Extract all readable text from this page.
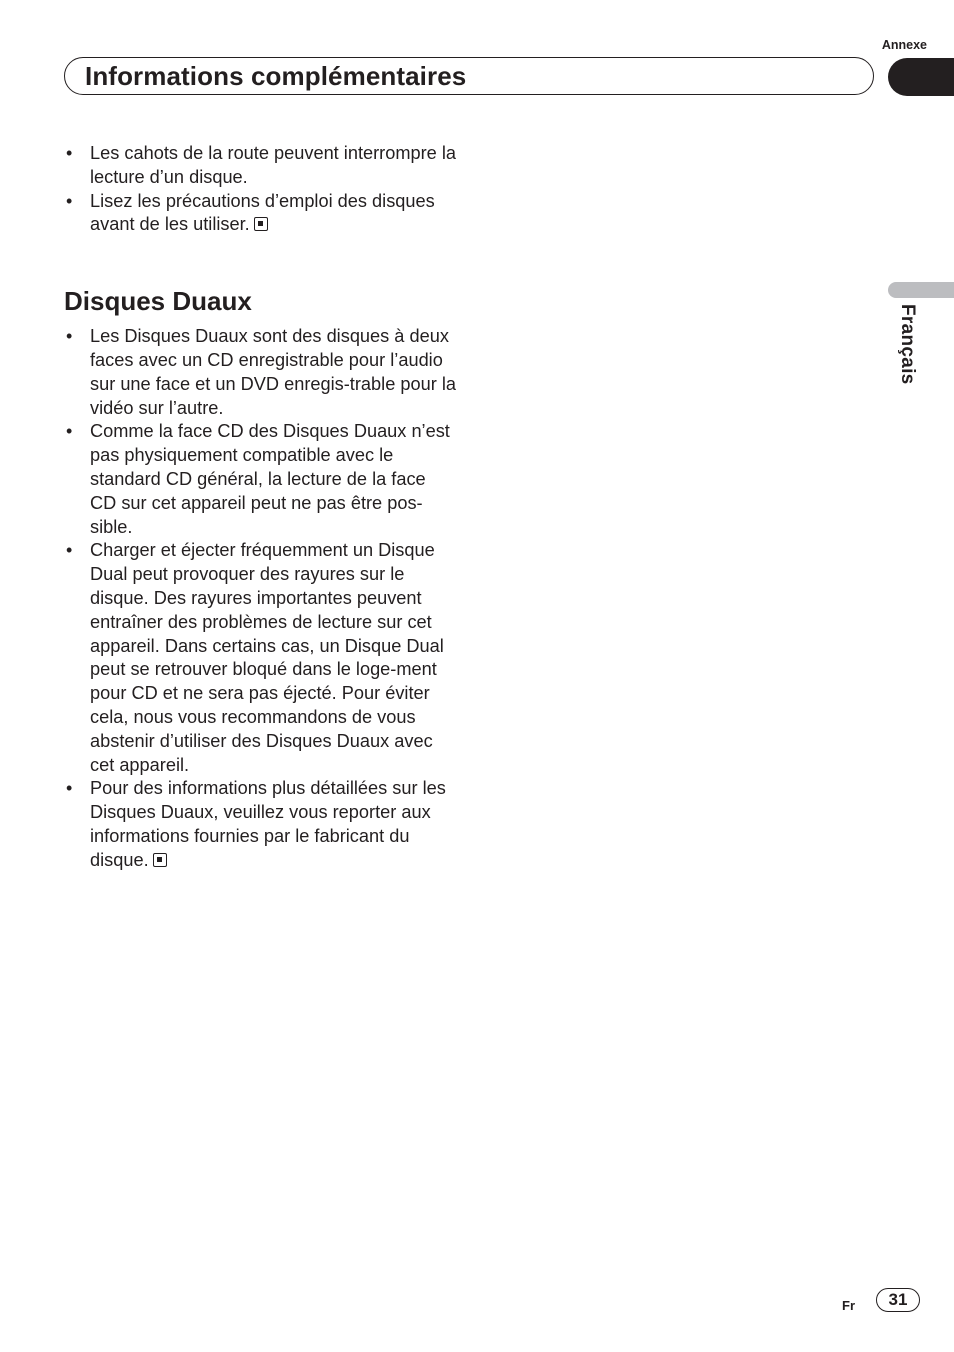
Annexe
Informations complémentaires
Français
• Les cahots de la route peuvent interrompre la lecture d’un disque.
• Lisez les précautions d’emploi des disques avant de les utiliser.
Disques Duaux
• Les Disques Duaux sont des disques à deux faces avec un CD enregistrable pour l’audio sur une face et un DVD enregis-trable pour la vidéo sur l’autre.
• Comme la face CD des Disques Duaux n’est pas physiquement compatible avec le standard CD général, la lecture de la face CD sur cet appareil peut ne pas être pos-sible.
• Charger et éjecter fréquemment un Disque Dual peut provoquer des rayures sur le disque. Des rayures importantes peuvent entraîner des problèmes de lecture sur cet appareil. Dans certains cas, un Disque Dual peut se retrouver bloqué dans le loge-ment pour CD et ne sera pas éjecté. Pour éviter cela, nous vous recommandons de vous abstenir d’utiliser des Disques Duaux avec cet appareil.
• Pour des informations plus détaillées sur les Disques Duaux, veuillez vous reporter aux informations fournies par le fabricant du disque.
Fr	31
